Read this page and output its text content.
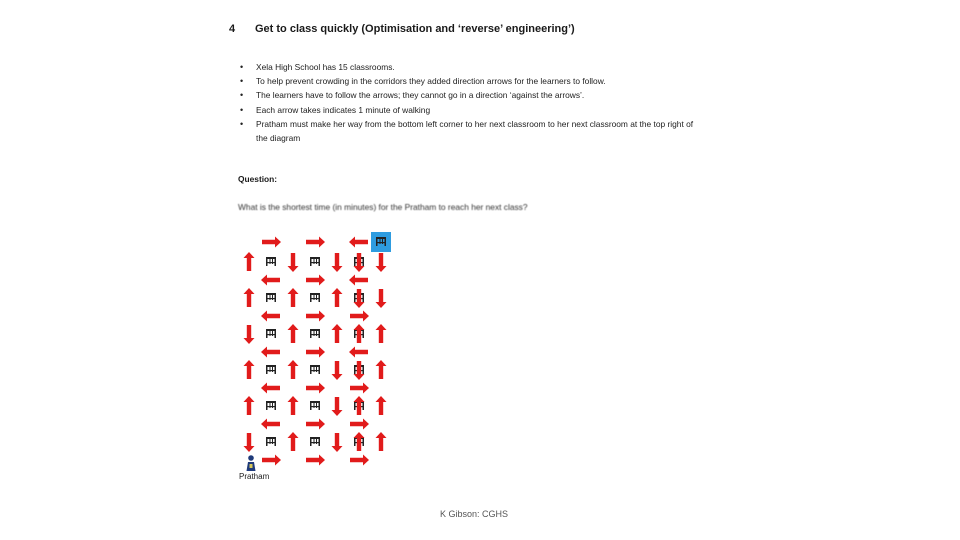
4 Get to class quickly (Optimisation and ‘reverse’ engineering’)
• Xela High School has 15 classrooms.
• To help prevent crowding in the corridors they added direction arrows for the learners to follow.
• The learners have to follow the arrows; they cannot go in a direction ‘against the arrows’.
• Each arrow takes indicates 1 minute of walking
• Pratham must make her way from the bottom left corner to her next classroom to her next classroom at the top right of the diagram
Question:
What is the shortest time (in minutes) for the Pratham to reach her next class?
Pratham
K Gibson: CGHS
